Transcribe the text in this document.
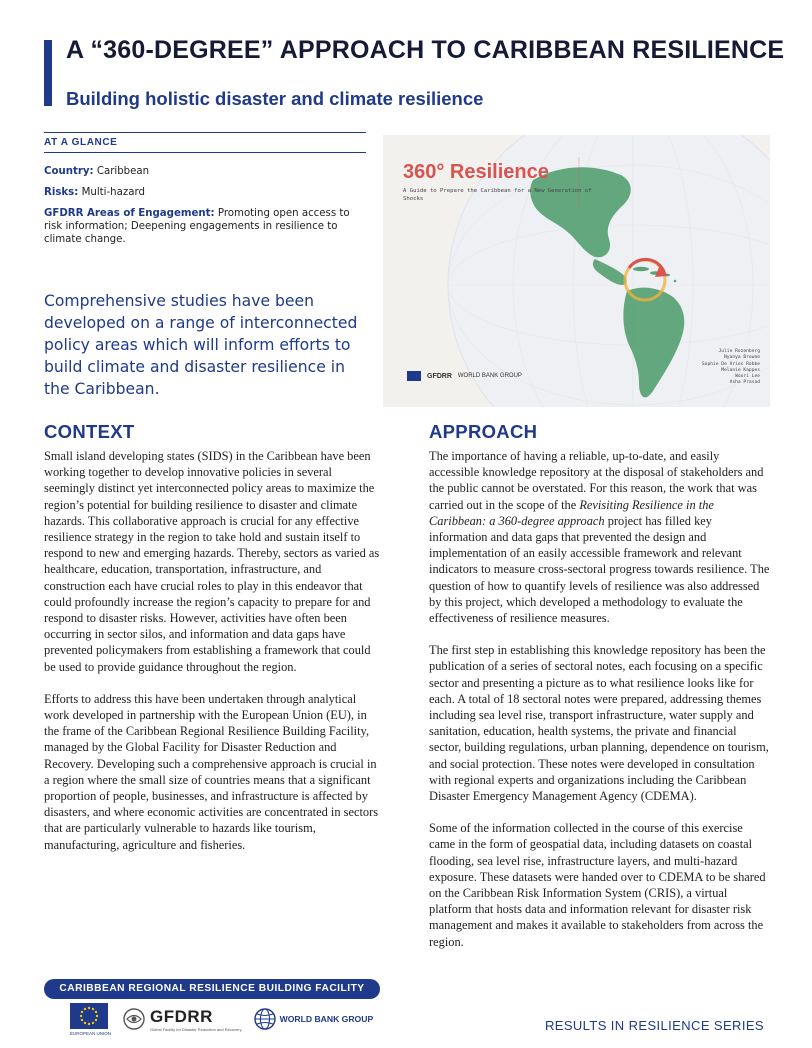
A “360-DEGREE” APPROACH TO CARIBBEAN RESILIENCE
Building holistic disaster and climate resilience
AT A GLANCE

Country: Caribbean

Risks: Multi-hazard

GFDRR Areas of Engagement: Promoting open access to risk information; Deepening engagements in resilience to climate change.

Comprehensive studies have been developed on a range of interconnected policy areas which will inform efforts to build climate and disaster resilience in the Caribbean.

360° Resilience
A Guide to Prepare the Caribbean for a New Generation of Shocks
Julie Rozenberg
Nyanya Browne
Sophie De Vries Robbe
Melanie Kappes
Woori Lee
Asha Prasad
GFDRR WORLD BANK GROUP
CONTEXT

Small island developing states (SIDS) in the Caribbean have been working together to develop innovative policies in several seemingly distinct yet interconnected policy areas to maximize the region’s potential for building resilience to disaster and climate hazards. This collaborative approach is crucial for any effective resilience strategy in the region to take hold and sustain itself to respond to new and emerging hazards. Thereby, sectors as varied as healthcare, education, transportation, infrastructure, and construction each have crucial roles to play in this endeavor that could profoundly increase the region’s capacity to prepare for and respond to disaster risks. However, activities have often been occurring in sector silos, and information and data gaps have prevented policymakers from establishing a framework that could be used to provide guidance throughout the region.

Efforts to address this have been undertaken through analytical work developed in partnership with the European Union (EU), in the frame of the Caribbean Regional Resilience Building Facility, managed by the Global Facility for Disaster Reduction and Recovery. Developing such a comprehensive approach is crucial in a region where the small size of countries means that a significant proportion of people, businesses, and infrastructure is affected by disasters, and where economic activities are concentrated in sectors that are particularly vulnerable to hazards like tourism, manufacturing, agriculture and fisheries.

APPROACH

The importance of having a reliable, up-to-date, and easily accessible knowledge repository at the disposal of stakeholders and the public cannot be overstated. For this reason, the work that was carried out in the scope of the Revisiting Resilience in the Caribbean: a 360-degree approach project has filled key information and data gaps that prevented the design and implementation of an easily accessible framework and relevant indicators to measure cross-sectoral progress towards resilience. The question of how to quantify levels of resilience was also addressed by this project, which developed a methodology to evaluate the effectiveness of resilience measures.

The first step in establishing this knowledge repository has been the publication of a series of sectoral notes, each focusing on a specific sector and presenting a picture as to what resilience looks like for each. A total of 18 sectoral notes were prepared, addressing themes including sea level rise, transport infrastructure, water supply and sanitation, education, health systems, the private and financial sector, building regulations, urban planning, dependence on tourism, and social protection. These notes were developed in consultation with regional experts and organizations including the Caribbean Disaster Emergency Management Agency (CDEMA).

Some of the information collected in the course of this exercise came in the form of geospatial data, including datasets on coastal flooding, sea level rise, infrastructure layers, and multi-hazard exposure. These datasets were handed over to CDEMA to be shared on the Caribbean Risk Information System (CRIS), a virtual platform that hosts data and information relevant for disaster risk management and makes it available to stakeholders from across the region.

CARIBBEAN REGIONAL RESILIENCE BUILDING FACILITY
EUROPEAN UNION
GFDRR
Global Facility for Disaster Reduction and Recovery
WORLD BANK GROUP	RESULTS IN RESILIENCE SERIES
